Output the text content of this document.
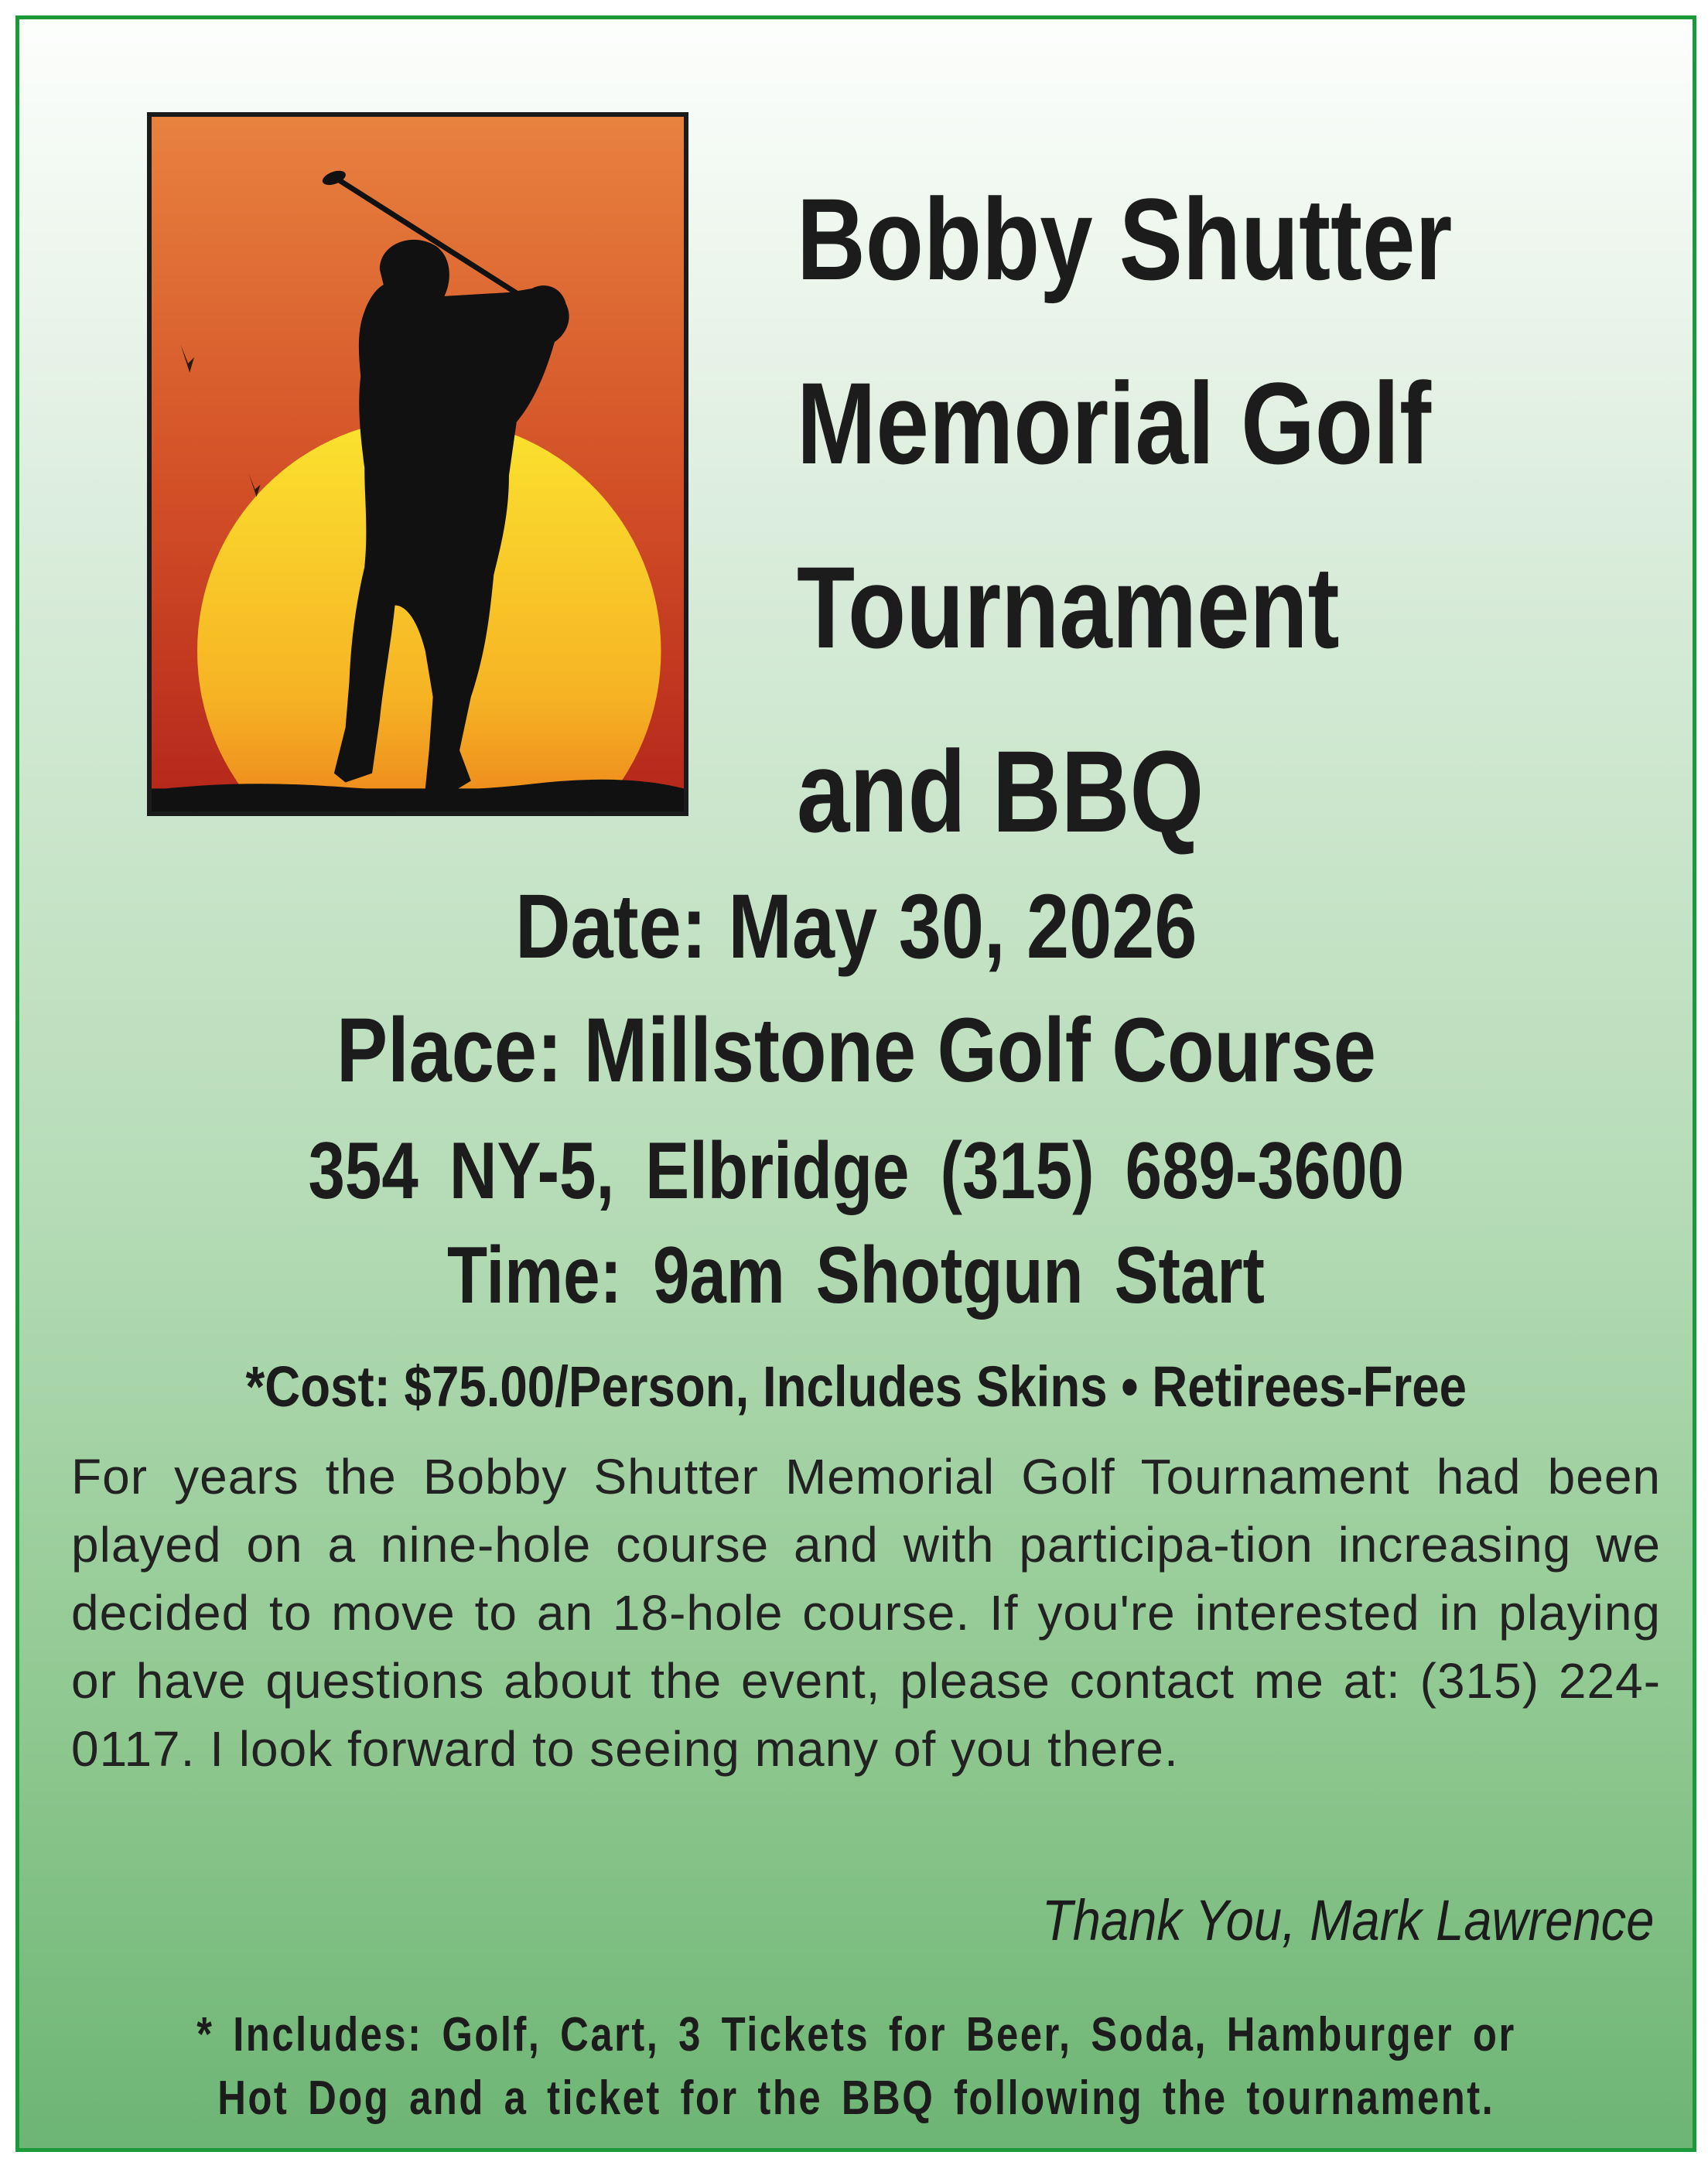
Bobby Shutter
Memorial Golf
Tournament
and BBQ
Date: May 30, 2026
Place: Millstone Golf Course
354 NY-5, Elbridge (315) 689-3600
Time: 9am Shotgun Start
*Cost: $75.00/Person, Includes Skins • Retirees-Free
For years the Bobby Shutter Memorial Golf Tournament had been played on a nine-hole course and with participa-tion increasing we decided to move to an 18-hole course. If you're interested in playing or have questions about the event, please contact me at: (315) 224-0117. I look forward to seeing many of you there.
Thank You, Mark Lawrence
* Includes: Golf, Cart, 3 Tickets for Beer, Soda, Hamburger or
Hot Dog and a ticket for the BBQ following the tournament.
